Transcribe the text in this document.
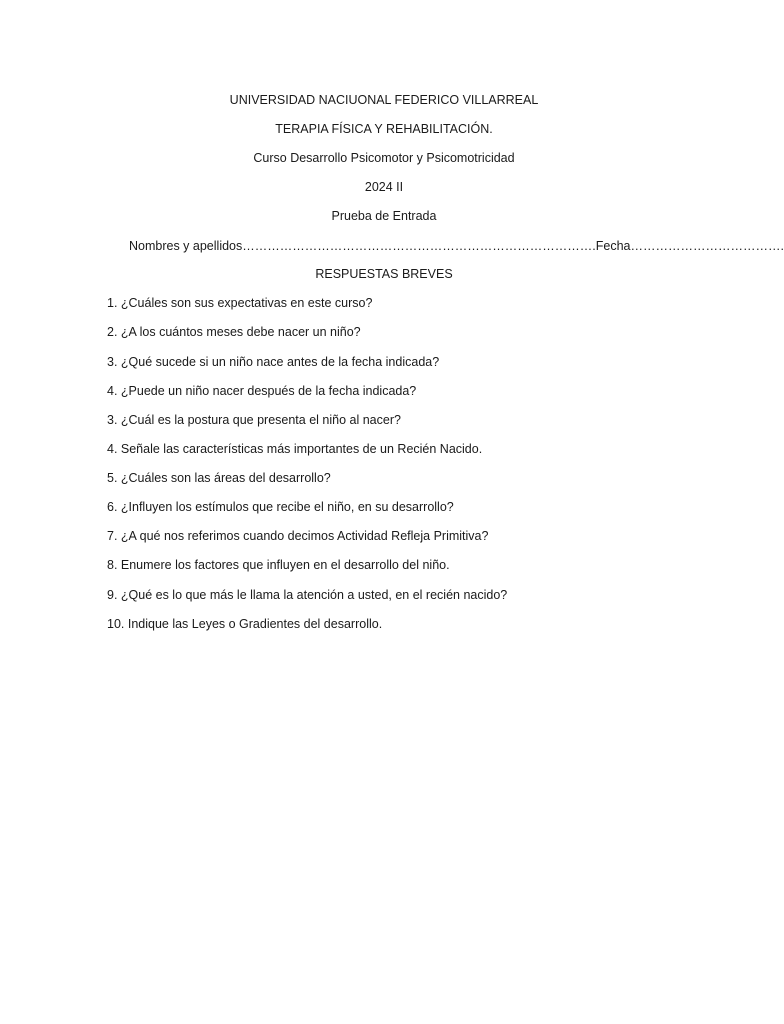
UNIVERSIDAD NACIUONAL FEDERICO VILLARREAL
TERAPIA FÍSICA Y REHABILITACIÓN.
Curso Desarrollo Psicomotor y Psicomotricidad
2024 II
Prueba de Entrada
Nombres y apellidos………………………………………………………………………….Fecha……………………………….
RESPUESTAS BREVES
1. ¿Cuáles son sus expectativas en este curso?
2. ¿A los cuántos meses debe nacer un niño?
3. ¿Qué sucede si un niño nace antes de la fecha indicada?
4. ¿Puede un niño nacer después de la fecha indicada?
3. ¿Cuál es la postura que presenta el niño al nacer?
4. Señale las características más importantes de un Recién Nacido.
5. ¿Cuáles son las áreas del desarrollo?
6. ¿Influyen los estímulos que recibe el niño, en su desarrollo?
7. ¿A qué nos referimos cuando decimos Actividad Refleja Primitiva?
8. Enumere los factores que influyen en el desarrollo del niño.
9. ¿Qué es lo que más le llama la atención a usted, en el recién nacido?
10. Indique las Leyes o Gradientes del desarrollo.
